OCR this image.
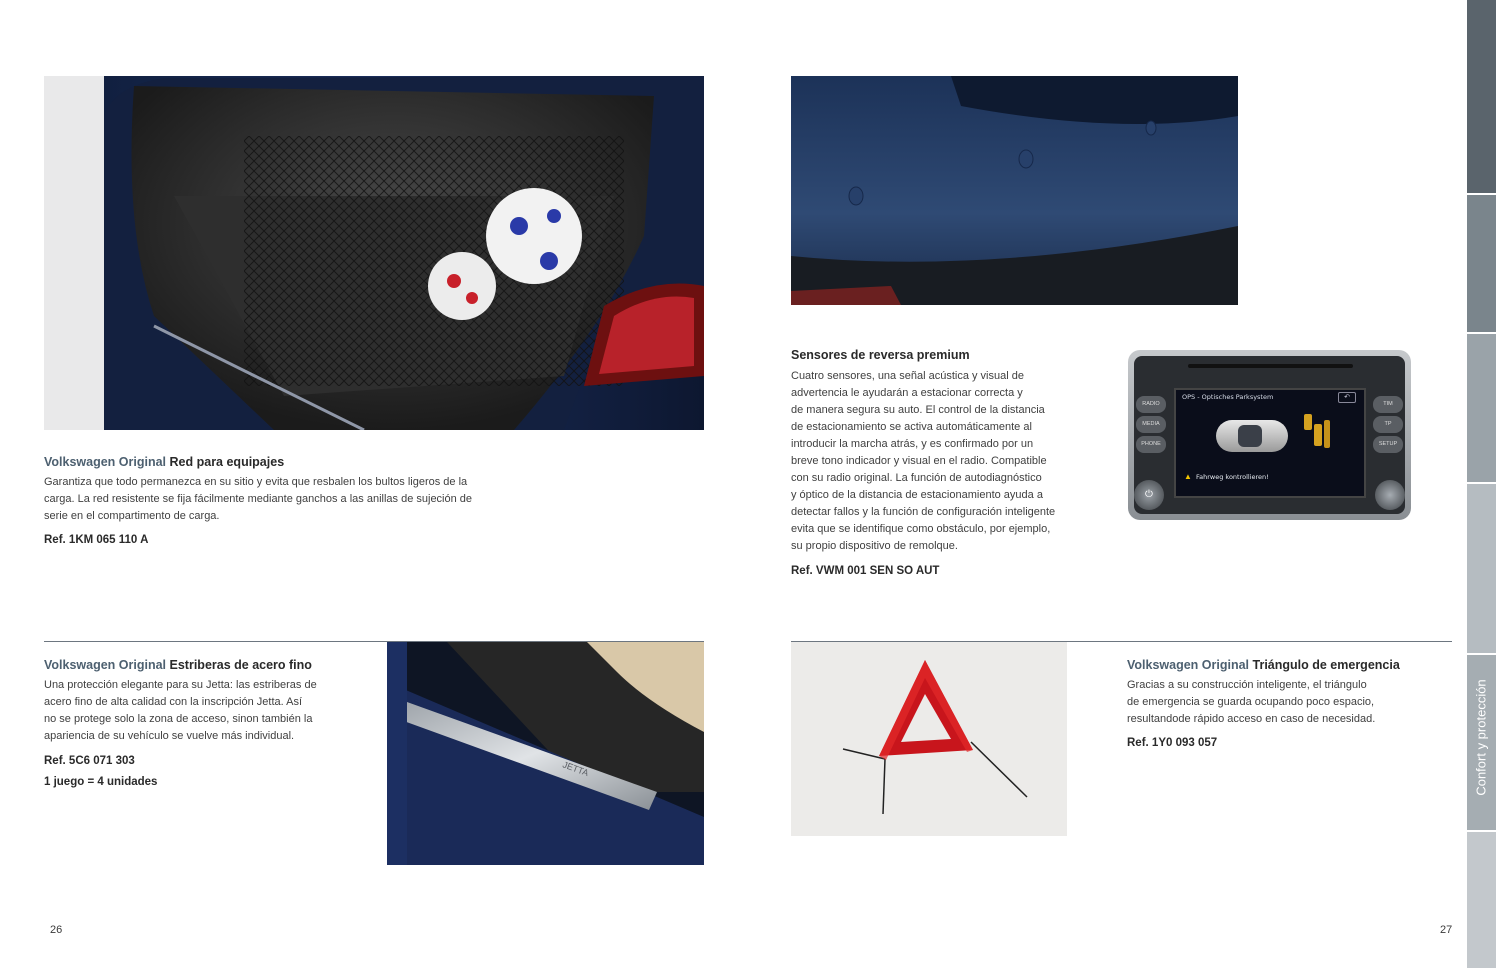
Confort y protección
Volkswagen Original Red para equipajes
Garantiza que todo permanezca en su sitio y evita que resbalen los bultos ligeros de la
carga. La red resistente se fija fácilmente mediante ganchos a las anillas de sujeción de
serie en el compartimento de carga.
Ref. 1KM 065 110 A
Sensores de reversa premium
Cuatro sensores, una señal acústica y visual de
advertencia le ayudarán a estacionar correcta y
de manera segura su auto. El control de la distancia
de estacionamiento se activa automáticamente al
introducir la marcha atrás, y es confirmado por un
breve tono indicador y visual en el radio. Compatible
con su radio original. La función de autodiagnóstico
y óptico de la distancia de estacionamiento ayuda a
detectar fallos y la función de configuración inteligente
evita que se identifique como obstáculo, por ejemplo,
su propio dispositivo de remolque.
Ref. VWM 001 SEN SO AUT
OPS - Optisches Parksystem	↶
▲ Fahrweg kontrollieren!
RADIO
MEDIA
PHONE
TIM
TP
SETUP
⏻
Volkswagen Original Estriberas de acero fino
Una protección elegante para su Jetta: las estriberas de
acero fino de alta calidad con la inscripción Jetta. Así
no se protege solo la zona de acceso, sinon también la
apariencia de su vehículo se vuelve más individual.
Ref. 5C6 071 303
1 juego = 4 unidades
JETTA
Volkswagen Original Triángulo de emergencia
Gracias a su construcción inteligente, el triángulo
de emergencia se guarda ocupando poco espacio,
resultandode rápido acceso en caso de necesidad.
Ref. 1Y0 093 057
26	27
